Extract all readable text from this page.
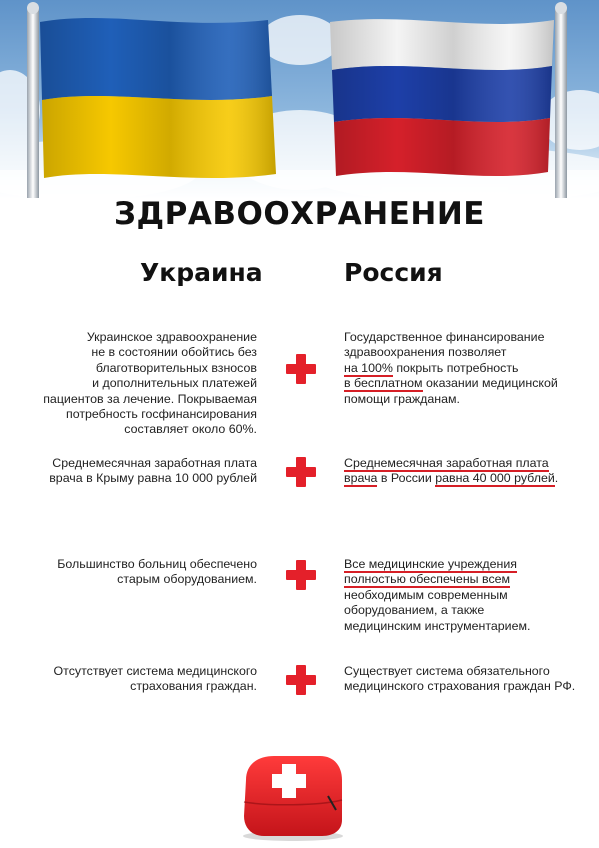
ЗДРАВООХРАНЕНИЕ
Украина	Россия
Украинское здравоохранение
не в состоянии обойтись без
благотворительных взносов
и дополнительных платежей
пациентов за лечение. Покрываемая
потребность госфинансирования
составляет около 60%.
Государственное финансирование
здравоохранения позволяет
на 100% покрыть потребность
в бесплатном оказании медицинской
помощи гражданам.
Среднемесячная заработная плата
врача в Крыму равна 10 000 рублей
Среднемесячная заработная плата
врача в России равна 40 000 рублей.
Большинство больниц обеспечено
старым оборудованием.
Все медицинские учреждения
полностью обеспечены всем
необходимым современным
оборудованием, а также
медицинским инструментарием.
Отсутствует система медицинского
страхования граждан.
Существует система обязательного
медицинского страхования граждан РФ.
